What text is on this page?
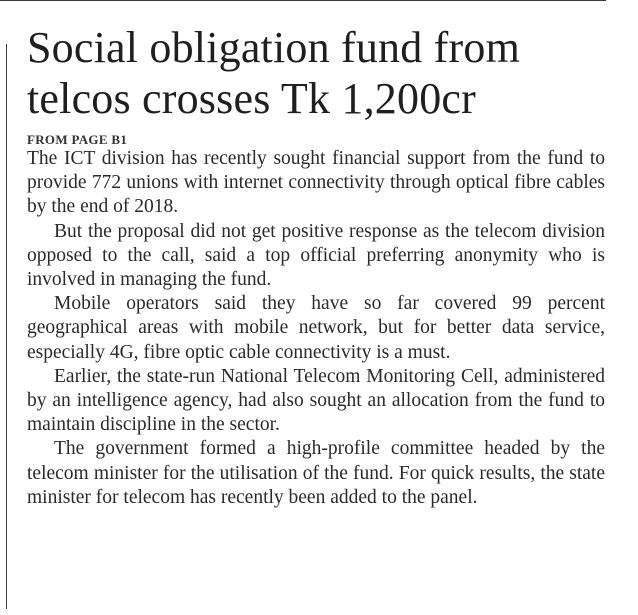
Social obligation fund from telcos crosses Tk 1,200cr
FROM PAGE B1

The ICT division has recently sought financial support from the fund to provide 772 unions with internet connectivity through optical fibre cables by the end of 2018.

But the proposal did not get positive response as the telecom division opposed to the call, said a top official preferring anonymity who is involved in managing the fund.

Mobile operators said they have so far covered 99 percent geographical areas with mobile network, but for better data service, especially 4G, fibre optic cable connectivity is a must.

Earlier, the state-run National Telecom Monitoring Cell, administered by an intelligence agency, had also sought an allocation from the fund to maintain discipline in the sector.

The government formed a high-profile committee headed by the telecom minister for the utilisation of the fund. For quick results, the state minister for telecom has recently been added to the panel.
